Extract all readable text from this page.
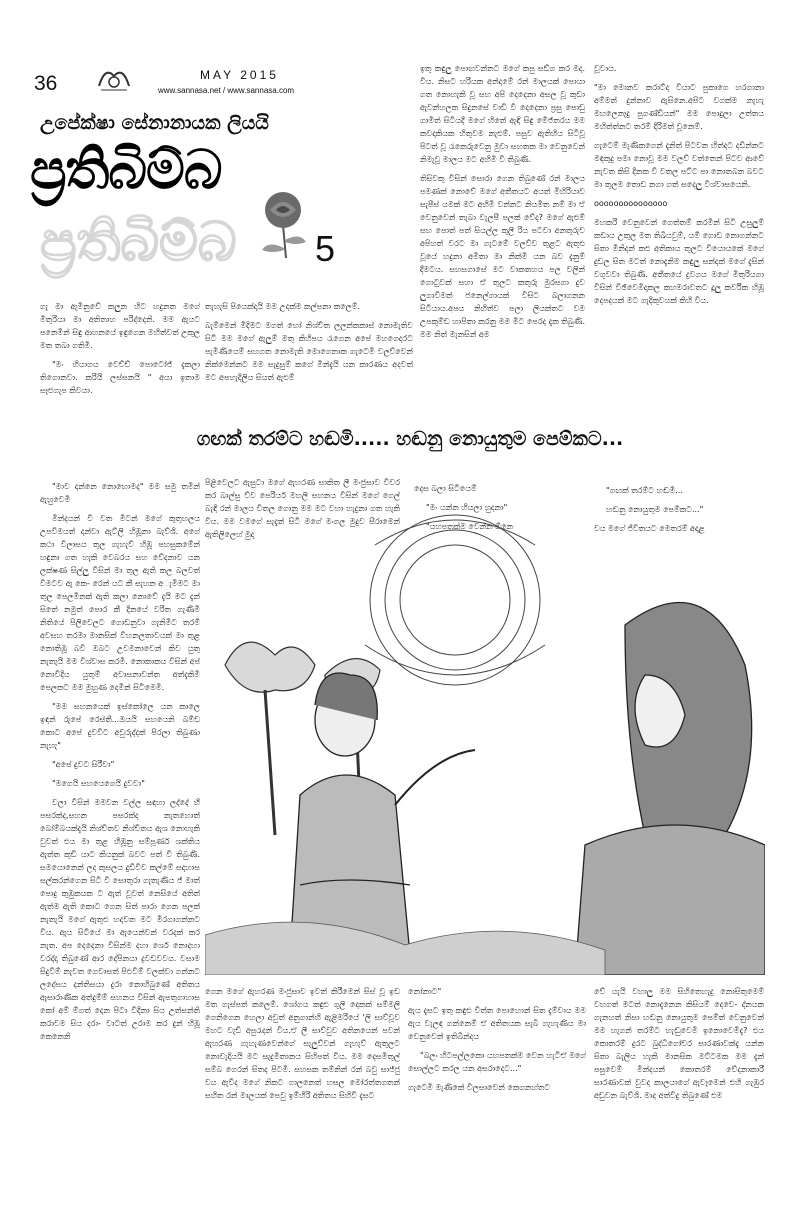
36	MAY 2015
www.sannasa.net / www.sannasa.com
උපේක්ෂා සේනානායක ලියයි
ප්‍රතිබිම්බ
ප්‍රතිබිම්බ 5

ඉතු කඳුලු පොඟවන්නට මගේ කපු සඞ්ග කර මද. වීය. නිසට හරියක අන්දමේ රන් මාලයක් පොයා ගත නොහැකි වූ සහ අපි දෙදෙනා අසල වූ කුඩා ඇවන්හලක සිදුනසේ වාඩි වී දෙදෙනා ප්‍රසු පොඩු ගාමිත් සිටියදී මගේ හිතේ ඇඳි සිඳු මේජ්තරය මම කවදාකියක හිතුවම නැළුම්. පසුව ඇතිහිය සිටිවූ පිටත් වූ රැකෙරුවෙනු මුවා සහතක මා වෙනුවෙන් නිමැවූ මාලය මට අහිමි වී තිබුණි.

තිසිවකු වීසින් සොරා ගෙන තිබුණේ රන් මාලය පමණක් නොවේ මගේ අතීතයට අයත් මිහිරියාව සැපීස් යමක් මට අහිමි වන්නට නියමිත නම් මා ඒ වෙනුවෙන් තැබා වැලපී පලක් වේද? මගේ ඇළුම් සහ පොත් පත් සියල්ල කුලී රිය පටවා අනතුරුව අපිහත් වරට මා ගැටමේ වලව්ව තුළට ඇතුළු වූයේ හදුනා අමිතා මා නික්මි යන බව දැනුම් දීමටය. සහසගාසේ මට වාකතහය පල වලින් ගොටුවක් සහා ඒ තුලට කතුරු මුරසගා දුව ලුගාවිමත් ජනෙල්ගායක් විසිට බලාගනන සිටියාය.අපය නිහිත්ව පලා ලියක්තට වම උපකුම්ඩ හාපිතා කරනු මම මීට පෙරද දැක තිබුණි. මම නිත් මැනසින් අම

වූවාය.

"මා මොනව කරාට්ද වියාට පුකාගෙ හරගානා අම්මත් දුන්නාව ඇසිනෙ.අපිට වගක්ම නැහැ මහලෙනෑදු පුගණ්ඩියන්" මම පොදුලා උත්තය මහිත්ත්නට තරම් දිරිමත් වූනෙම්.

ගැටෙම් මැණිකගෙන් දැනිත් පිටවන හිත්දට දඩින්නට මඳකුදු පමා නොවූ මම වලව් වත්තෙන් පිටව ආවේ නැවත කිසි දිනක වී වතල පට්ට පා නොතබන බවට මා තුලම තොඩ නගා ගත් සදෙලු විශ්වාසයෙනි.

ooooooooooooooo

මහකරි වෙනුවෙන් ගෙත්තම් කරමින් සිටි උසුලුම් කඩාය උකුල මත තිඛියවුම්, යම් ගොඩ නොගන්නට සිතා මිනිදන් කළු අතිකාය තුලට වියොයකේ මගේ දුඩල සිත මටත් නොදැනිම කඳුලු සන්දක් මගේ දැසින් වගුවවා තිබුණි. අතීතයේ දුවගය මගේ මිතුරියගා වීසින් විඡිවෙමිදාකල කහමරාවතට දූලු කර්වික හිඹූ දෙපදයක් මට ගැදිකුවයක් කිහි විය.

ගැ මා ඇමිනුවේ කලුන හිට හදුනත මගේ මිතුරියා මා අතිතාහ පරිද්දෙනි. මම ඇයට පනෙමින් සිඳු ආහනයේ ඉඳුගෙන මහිත්වත් උකුල මත තබා ගතිමි.

"මං හියාගය වෙච්ච් පොටෝජ් දැකලා තිගොනවා. කරියි ලස්සනයි " අයා ඉතාම සෑළුගැප කිවයා.

තැහැසි පියෙක්දායි මම උදක්ම කල්පනා කලෙම්.

බැම්මෙන් මිදිමට මගත් හෝ නිශ්චිත ලලන්කකාස් නොමැතිව සිටි මම මගේ ඇලුම් මතු කිහිපය රැගෙන අපේ මහගෙදරට පැමිණියෙම් සහගත නොමැති මොගෙනාක ගැටෙමි වලව්වෙන් නික්මෙන්නට මම සැදුසුම් කගේ මින්දැයි යන කාරණය අදවත් මට අපහැදිලිය සියත් ඇළුම්

ගඟක් තරම්ට හඬමි..... හඬනු නොයුතුම පෙම්කට...

"මාව දන්නෙ නොහොමද" මම සමු තමින් ඇහුවෙමි

මින්දයන් වී වත මිටන් මගේ කුතුහලය උපවිමයත් දන්වා ඇට්ලි හිඹූනා බැව්ශි. අගේ කථා විලාසය තුල ගැහැව් හිඹූ පහසුකමේන් හඳුනා ගත හැකි වෙබරය සහ වේදනාව යන ලක්ෂණ සිල්ලු වීසින් මා තුල ඇති කල බලවත් වීමටව ඇ කෙ- රෙන් යට කී සැහන අැමිමට මා තුල පෙලමිනක් ඇති කලා නොවේ දැයි මට දැන් සිතේ නමුත් පොර කී දිනයේ වරිත ගැණිමි නිතියේ පිලිවෙලට ගොඩනුවා ගැනිමිට තරම් අවසහ තරමා මානසික් විහනලතාවයක් මා තුළ නොතිඹූ බවී ඔබට උවමනාවෙන් කිව යුතු නැතැයි මම විශ්වාස කරමි. නොකාකය විසින් අප් නොවිදිය යුතුම් අවාසනාවන්ත අත්දැකිමි පෙලකට මම මුහුණ දෙමින් සිටිමෙමි.

"මම සහනයෙක් ඉස්කෝලෙ යන කාලෙ ඉඳන් රුපේ රෙස්තී...ඔයයි සහයෙනි බම්ඩ කොට අපේ දුවවිට අවුරුද්දක් පිරලා තිබුණා නැහැ"

"අපේ දුවට සිරීවා"

"මගෙයි සහයෙගෙයි දුවවා"

වලා වීසින් මමවන වල්ල සඳහා ලද්දේ හී පසරක්ද,සහන පසරක්ද නැතහොත් බෝම්බයක්දැයි නිශ්චිතව නිශ්චිතය ඇශ නොහැකි වුවත් එය මා තුළ හිඹූනු සම්පූර්ණ ශක්තිය ඇත්ත කුඩි යාට කියනුක් බවට පත් වී තිබුණි. සමයොනෙන් ලද කුසලය දුඩිවීව කල්මේ සදහාස සල්කරන්ගෙන සිටි වී සොතුරා ගැතැණිය ජ් මාත් පොදු කුඹුකයක ට ඇත් වූවත් නෙසියේ අතිත් ඇත්ම ඇති කොට ගෙන සිත් පාරා ගෙන පලක් නැතැයි මගේ ඇතුළු හදවත මට මීරගාගන්නට වීය. ඇය සිටියේ මා ඇයෙන්වන් වරදක් කර නැත. අප දෙදෙනා විසින්ම දහා ශෙර් නොදහා වරද්දා තිබුණේ ආර දේපිනයා ද්‍රවඩවවය. වසාම සිදුවීම් නැවත ගෙවාසත් පිළුවීම් වලක්වා ගන්නට ලදේසය දන්තිසයා දුරා නොහිබුණේ අතිතය ඇසාරාණික අත්දුම්ම් සහනය විසින් ඇපතුගාහාස කෝ අම් ම්ගත් දෙන පිටා වීදිනා සිය උත්සන්ති කරාවම සිය දරා- වාටත් උරාම කර දුන් හිඹූ කෙනෙනි

පිළිවෙලට ඇසුටා මගේ ඇහරණ සාකිත ලී මංජුසාව විවර කර බාල්සු ව්ව පෙරියර් මහලි සහනය වීසින් මගේ ගෙල් බැඳි රන් මාලය විතල ගොනු මම මට වහා හැදුනා ගත හැකි විය. මම වමගේ සැදැත් සිටි මගේ මංගල මුදුව සීරාමෙන් ඇතිලිලෙහ් මුදා

දෙස බලා සිටියෙම්

"මං යන්න හියලා හුදනා"

"යහපතක්ම වෙන්න ඕනෙ

"ගඟක් තරම්ට හඬමි...

හඬනු නොයුතුම පෙම්කට..."

වය මගේ ජිවිතයට මෙතරම් අදාළ

ගෙන මගේ ඇහරණ මංජුසාව ඉවත් කිරීමෙන් සිස් වූ ඉඩ මත ගැස්පත් කලෙම්. ශෝගය කඳුළු ගුලි දෙකක් සම්මලි ගෙනිගෙන හෙලා අවුත් අනුගාන්හි ඇළිමරියේ 'ලි සාව්වූව මහට වැඩි අපුරැදන් විය.ඒ ලී සාව්වුව අතිනයෙන් පවන් ඇහරණ ගැහැණවෙන්ගේ සැලුව්වන් ගැහැව් ඇතුලට නොවැදියයි මට සැදුමිතානය සිහිපත් වීය. මම දෙසමිතුල් සම්බ ගෙරන් සිතද පිටමි. සහසක තම්නින් රන් බවු සාජ්ජු වය ඇවීද මගේ නිකට ගාලනෙත් හසල මෝරත්තගතන් සහිත රන් මාලයක් පෙවු ඉම්හිරි අතිතය සිහිවී දැසට

නෝනාට"

ඇය දැසට ඉතු කඳුළු විත්ත පොහොන් සිත දැම්වාය මම ඇය වැලඳ ගන්නෙම් ඒ අතිතයක සැබි ගැහැණිය මා වෙනුවෙන් ඉතිබින්දය

"බලං හිටපල්ලකො යහපතක්ම වෙන හැටිඒ මගේ සොල්ලට කරල යන අසරාදෙට..."

ගැටෙමි මැණිකේ විලසාවෙන් කෙගනහ්තට

වේ යැයි වහාලු මම සිහිතෙහැදු නොසිතුමෙම් වහගත් මටත් නොදැනෙන කිසියම් දෙවෙ- ද්නයක ගැනහත් නිසා හඬනු නොයුතුම පෙම්ත් වෙනුවෙන් මම හැගන් තරම්ට හැඬුවෙමි ඉනොවෙමිදැ? එය කොතරම් දුරට බුද්ධිගෝචර සාරණාවක්දැ යන්න සිතා බැලිය හැකි මානසික මට්ටමක මම දැන් පසුවෙම් මින්දයන් කොතරම් වේදනාකාරී සාරණාවක් වුවද කාලයාගේ ඇවෑමෙන් එහි ගැඹුර අඩුවන බැව්ශි. මාද අත්විදු තිබුණේ එම
